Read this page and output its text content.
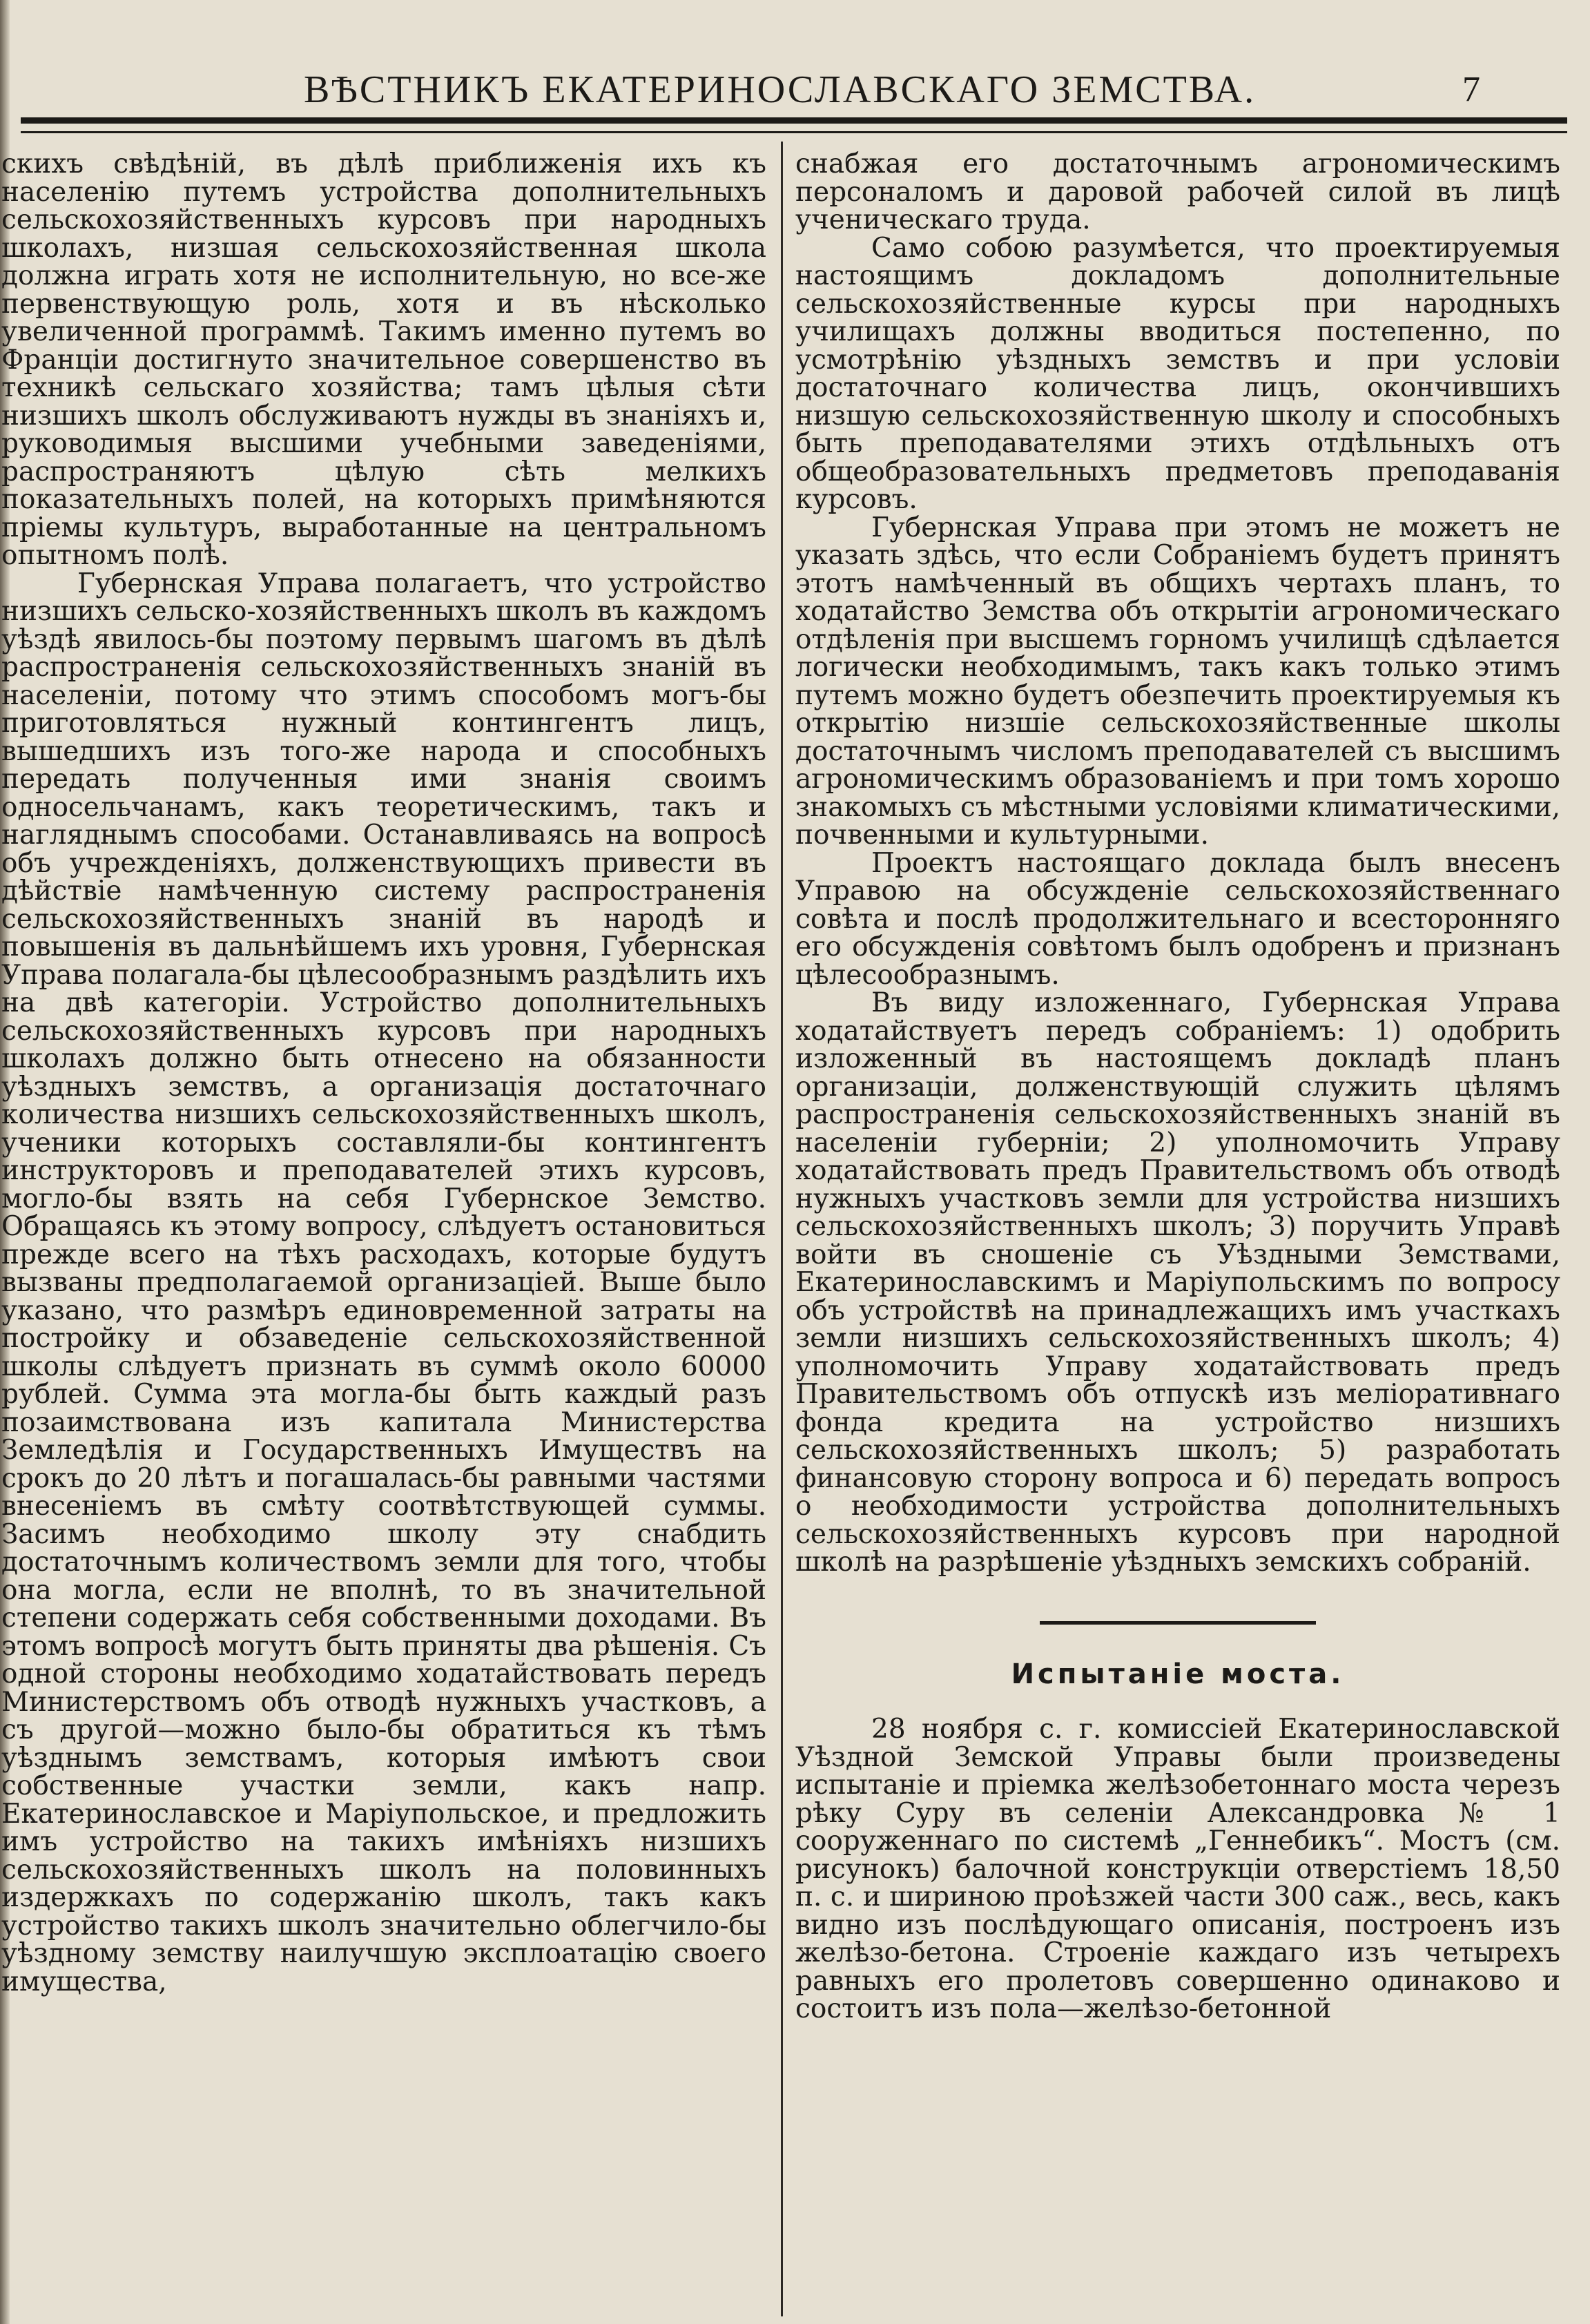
ВѢСТНИКЪ ЕКАТЕРИНОСЛАВСКАГО ЗЕМСТВА.	7

скихъ свѣдѣній, въ дѣлѣ приближенія ихъ къ населенію путемъ устройства дополнительныхъ сельскохозяйственныхъ курсовъ при народныхъ школахъ, низшая сельскохозяйственная школа должна играть хотя не исполнительную, но все-же первенствующую роль, хотя и въ нѣсколько увеличенной программѣ. Такимъ именно путемъ во Франціи достигнуто значительное совершенство въ техникѣ сельскаго хозяйства; тамъ цѣлыя сѣти низшихъ школъ обслуживаютъ нужды въ знаніяхъ и, руководимыя высшими учебными заведеніями, распространяютъ цѣлую сѣть мелкихъ показательныхъ полей, на которыхъ примѣняются пріемы культуръ, выработанные на центральномъ опытномъ полѣ.

Губернская Управа полагаетъ, что устройство низшихъ сельско-хозяйственныхъ школъ въ каждомъ уѣздѣ явилось-бы поэтому первымъ шагомъ въ дѣлѣ распространенія сельскохозяйственныхъ знаній въ населеніи, потому что этимъ способомъ могъ-бы приготовляться нужный контингентъ лицъ, вышедшихъ изъ того-же народа и способныхъ передать полученныя ими знанія своимъ односельчанамъ, какъ теоретическимъ, такъ и нагляднымъ способами. Останавливаясь на вопросѣ объ учрежденіяхъ, долженствующихъ привести въ дѣйствіе намѣченную систему распространенія сельскохозяйственныхъ знаній въ народѣ и повышенія въ дальнѣйшемъ ихъ уровня, Губернская Управа полагала-бы цѣлесообразнымъ раздѣлить ихъ на двѣ категоріи. Устройство дополнительныхъ сельскохозяйственныхъ курсовъ при народныхъ школахъ должно быть отнесено на обязанности уѣздныхъ земствъ, а организація достаточнаго количества низшихъ сельскохозяйственныхъ школъ, ученики которыхъ составляли-бы контингентъ инструкторовъ и преподавателей этихъ курсовъ, могло-бы взять на себя Губернское Земство. Обращаясь къ этому вопросу, слѣдуетъ остановиться прежде всего на тѣхъ расходахъ, которые будутъ вызваны предполагаемой организаціей. Выше было указано, что размѣръ единовременной затраты на постройку и обзаведеніе сельскохозяйственной школы слѣдуетъ признать въ суммѣ около 60000 рублей. Сумма эта могла-бы быть каждый разъ позаимствована изъ капитала Министерства Земледѣлія и Государственныхъ Имуществъ на срокъ до 20 лѣтъ и погашалась-бы равными частями внесеніемъ въ смѣту соотвѣтствующей суммы. Засимъ необходимо школу эту снабдить достаточнымъ количествомъ земли для того, чтобы она могла, если не вполнѣ, то въ значительной степени содержать себя собственными доходами. Въ этомъ вопросѣ могутъ быть приняты два рѣшенія. Съ одной стороны необходимо ходатайствовать передъ Министерствомъ объ отводѣ нужныхъ участковъ, а съ другой—можно было-бы обратиться къ тѣмъ уѣзднымъ земствамъ, которыя имѣютъ свои собственные участки земли, какъ напр. Екатеринославское и Маріупольское, и предложить имъ устройство на такихъ имѣніяхъ низшихъ сельскохозяйственныхъ школъ на половинныхъ издержкахъ по содержанію школъ, такъ какъ устройство такихъ школъ значительно облегчило-бы уѣздному земству наилучшую эксплоатацію своего имущества,

снабжая его достаточнымъ агрономическимъ персоналомъ и даровой рабочей силой въ лицѣ ученическаго труда.

Само собою разумѣется, что проектируемыя настоящимъ докладомъ дополнительные сельскохозяйственные курсы при народныхъ училищахъ должны вводиться постепенно, по усмотрѣнію уѣздныхъ земствъ и при условіи достаточнаго количества лицъ, окончившихъ низшую сельскохозяйственную школу и способныхъ быть преподавателями этихъ отдѣльныхъ отъ общеобразовательныхъ предметовъ преподаванія курсовъ.

Губернская Управа при этомъ не можетъ не указать здѣсь, что если Собраніемъ будетъ принятъ этотъ намѣченный въ общихъ чертахъ планъ, то ходатайство Земства объ открытіи агрономическаго отдѣленія при высшемъ горномъ училищѣ сдѣлается логически необходимымъ, такъ какъ только этимъ путемъ можно будетъ обезпечить проектируемыя къ открытію низшіе сельскохозяйственные школы достаточнымъ числомъ преподавателей съ высшимъ агрономическимъ образованіемъ и при томъ хорошо знакомыхъ съ мѣстными условіями климатическими, почвенными и культурными.

Проектъ настоящаго доклада былъ внесенъ Управою на обсужденіе сельскохозяйственнаго совѣта и послѣ продолжительнаго и всесторонняго его обсужденія совѣтомъ былъ одобренъ и признанъ цѣлесообразнымъ.

Въ виду изложеннаго, Губернская Управа ходатайствуетъ передъ собраніемъ: 1) одобрить изложенный въ настоящемъ докладѣ планъ организаціи, долженствующій служить цѣлямъ распространенія сельскохозяйственныхъ знаній въ населеніи губерніи; 2) уполномочить Управу ходатайствовать предъ Правительствомъ объ отводѣ нужныхъ участковъ земли для устройства низшихъ сельскохозяйственныхъ школъ; 3) поручить Управѣ войти въ сношеніе съ Уѣздными Земствами, Екатеринославскимъ и Маріупольскимъ по вопросу объ устройствѣ на принадлежащихъ имъ участкахъ земли низшихъ сельскохозяйственныхъ школъ; 4) уполномочить Управу ходатайствовать предъ Правительствомъ объ отпускѣ изъ меліоративнаго фонда кредита на устройство низшихъ сельскохозяйственныхъ школъ; 5) разработать финансовую сторону вопроса и 6) передать вопросъ о необходимости устройства дополнительныхъ сельскохозяйственныхъ курсовъ при народной школѣ на разрѣшеніе уѣздныхъ земскихъ собраній.

Испытаніе моста.

28 ноября с. г. комиссіей Екатеринославской Уѣздной Земской Управы были произведены испытаніе и пріемка желѣзобетоннаго моста черезъ рѣку Суру въ селеніи Александровка № 1 сооруженнаго по системѣ „Геннебикъ“. Мостъ (см. рисунокъ) балочной конструкціи отверстіемъ 18,50 п. с. и шириною проѣзжей части 300 саж., весь, какъ видно изъ послѣдующаго описанія, построенъ изъ желѣзо-бетона. Строеніе каждаго изъ четырехъ равныхъ его пролетовъ совершенно одинаково и состоитъ изъ пола—желѣзо-бетонной
